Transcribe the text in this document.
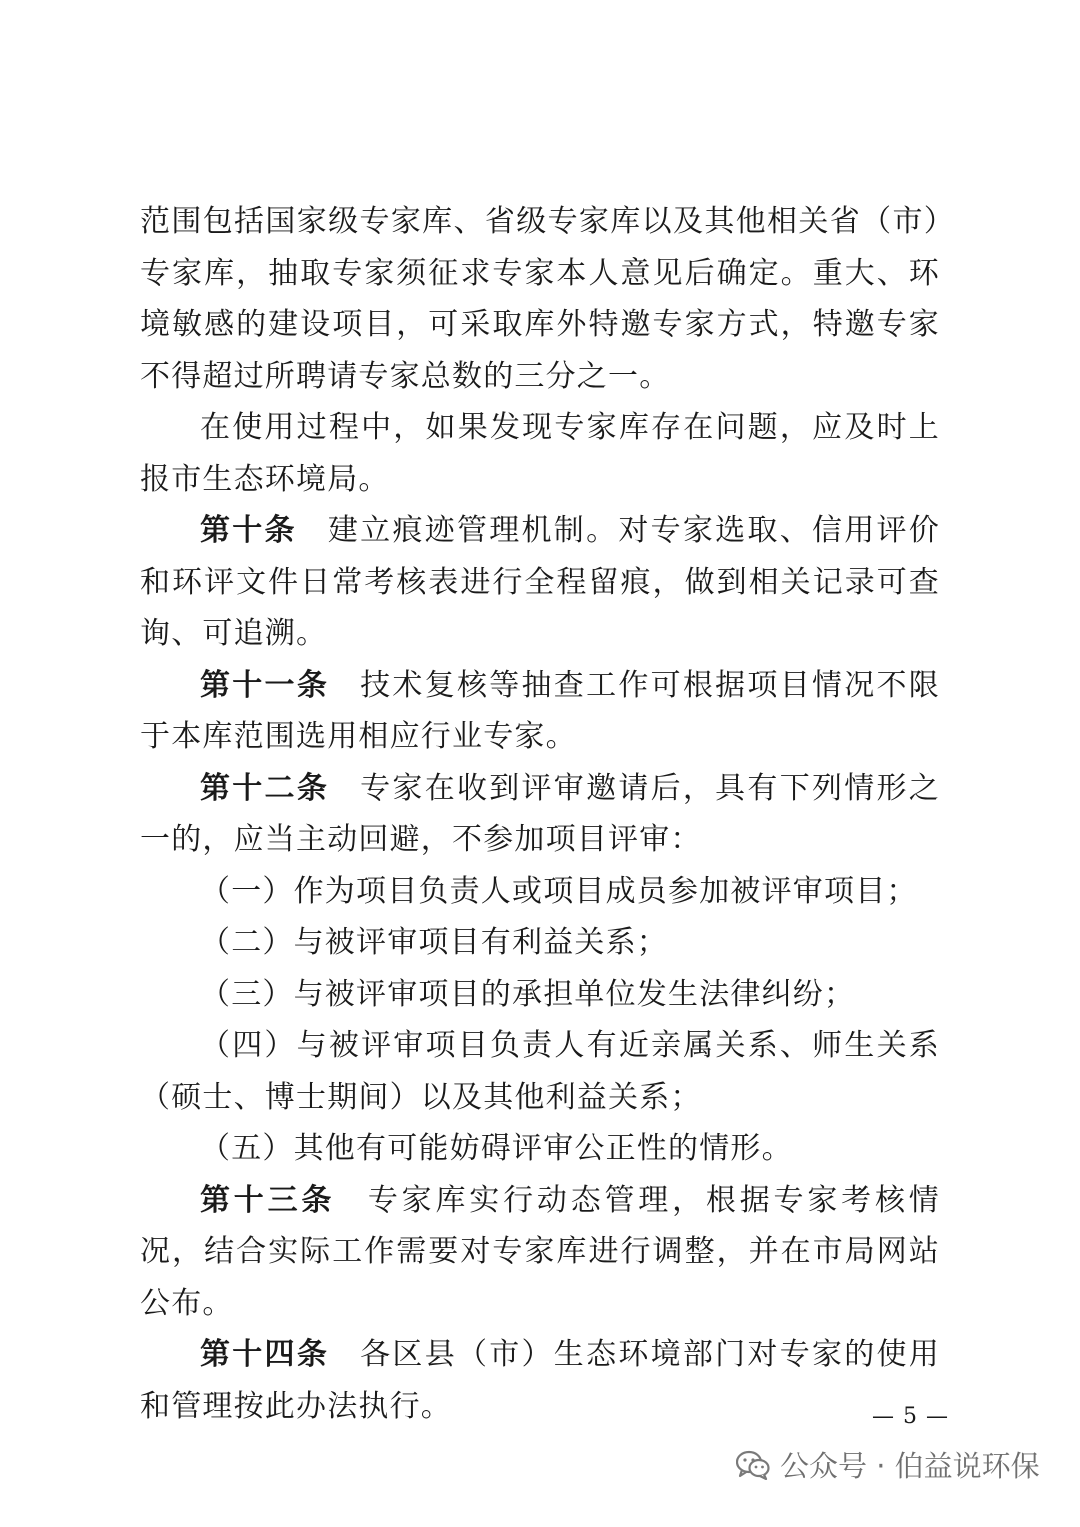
范围包括国家级专家库、省级专家库以及其他相关省（市）专家库，抽取专家须征求专家本人意见后确定。重大、环境敏感的建设项目，可采取库外特邀专家方式，特邀专家不得超过所聘请专家总数的三分之一。

在使用过程中，如果发现专家库存在问题，应及时上报市生态环境局。

第十条 建立痕迹管理机制。对专家选取、信用评价和环评文件日常考核表进行全程留痕，做到相关记录可查询、可追溯。

第十一条 技术复核等抽查工作可根据项目情况不限于本库范围选用相应行业专家。

第十二条 专家在收到评审邀请后，具有下列情形之一的，应当主动回避，不参加项目评审：

（一）作为项目负责人或项目成员参加被评审项目；

（二）与被评审项目有利益关系；

（三）与被评审项目的承担单位发生法律纠纷；

（四）与被评审项目负责人有近亲属关系、师生关系（硕士、博士期间）以及其他利益关系；

（五）其他有可能妨碍评审公正性的情形。

第十三条 专家库实行动态管理，根据专家考核情况，结合实际工作需要对专家库进行调整，并在市局网站公布。

第十四条 各区县（市）生态环境部门对专家的使用和管理按此办法执行。	— 5 —
公众号 · 伯益说环保
